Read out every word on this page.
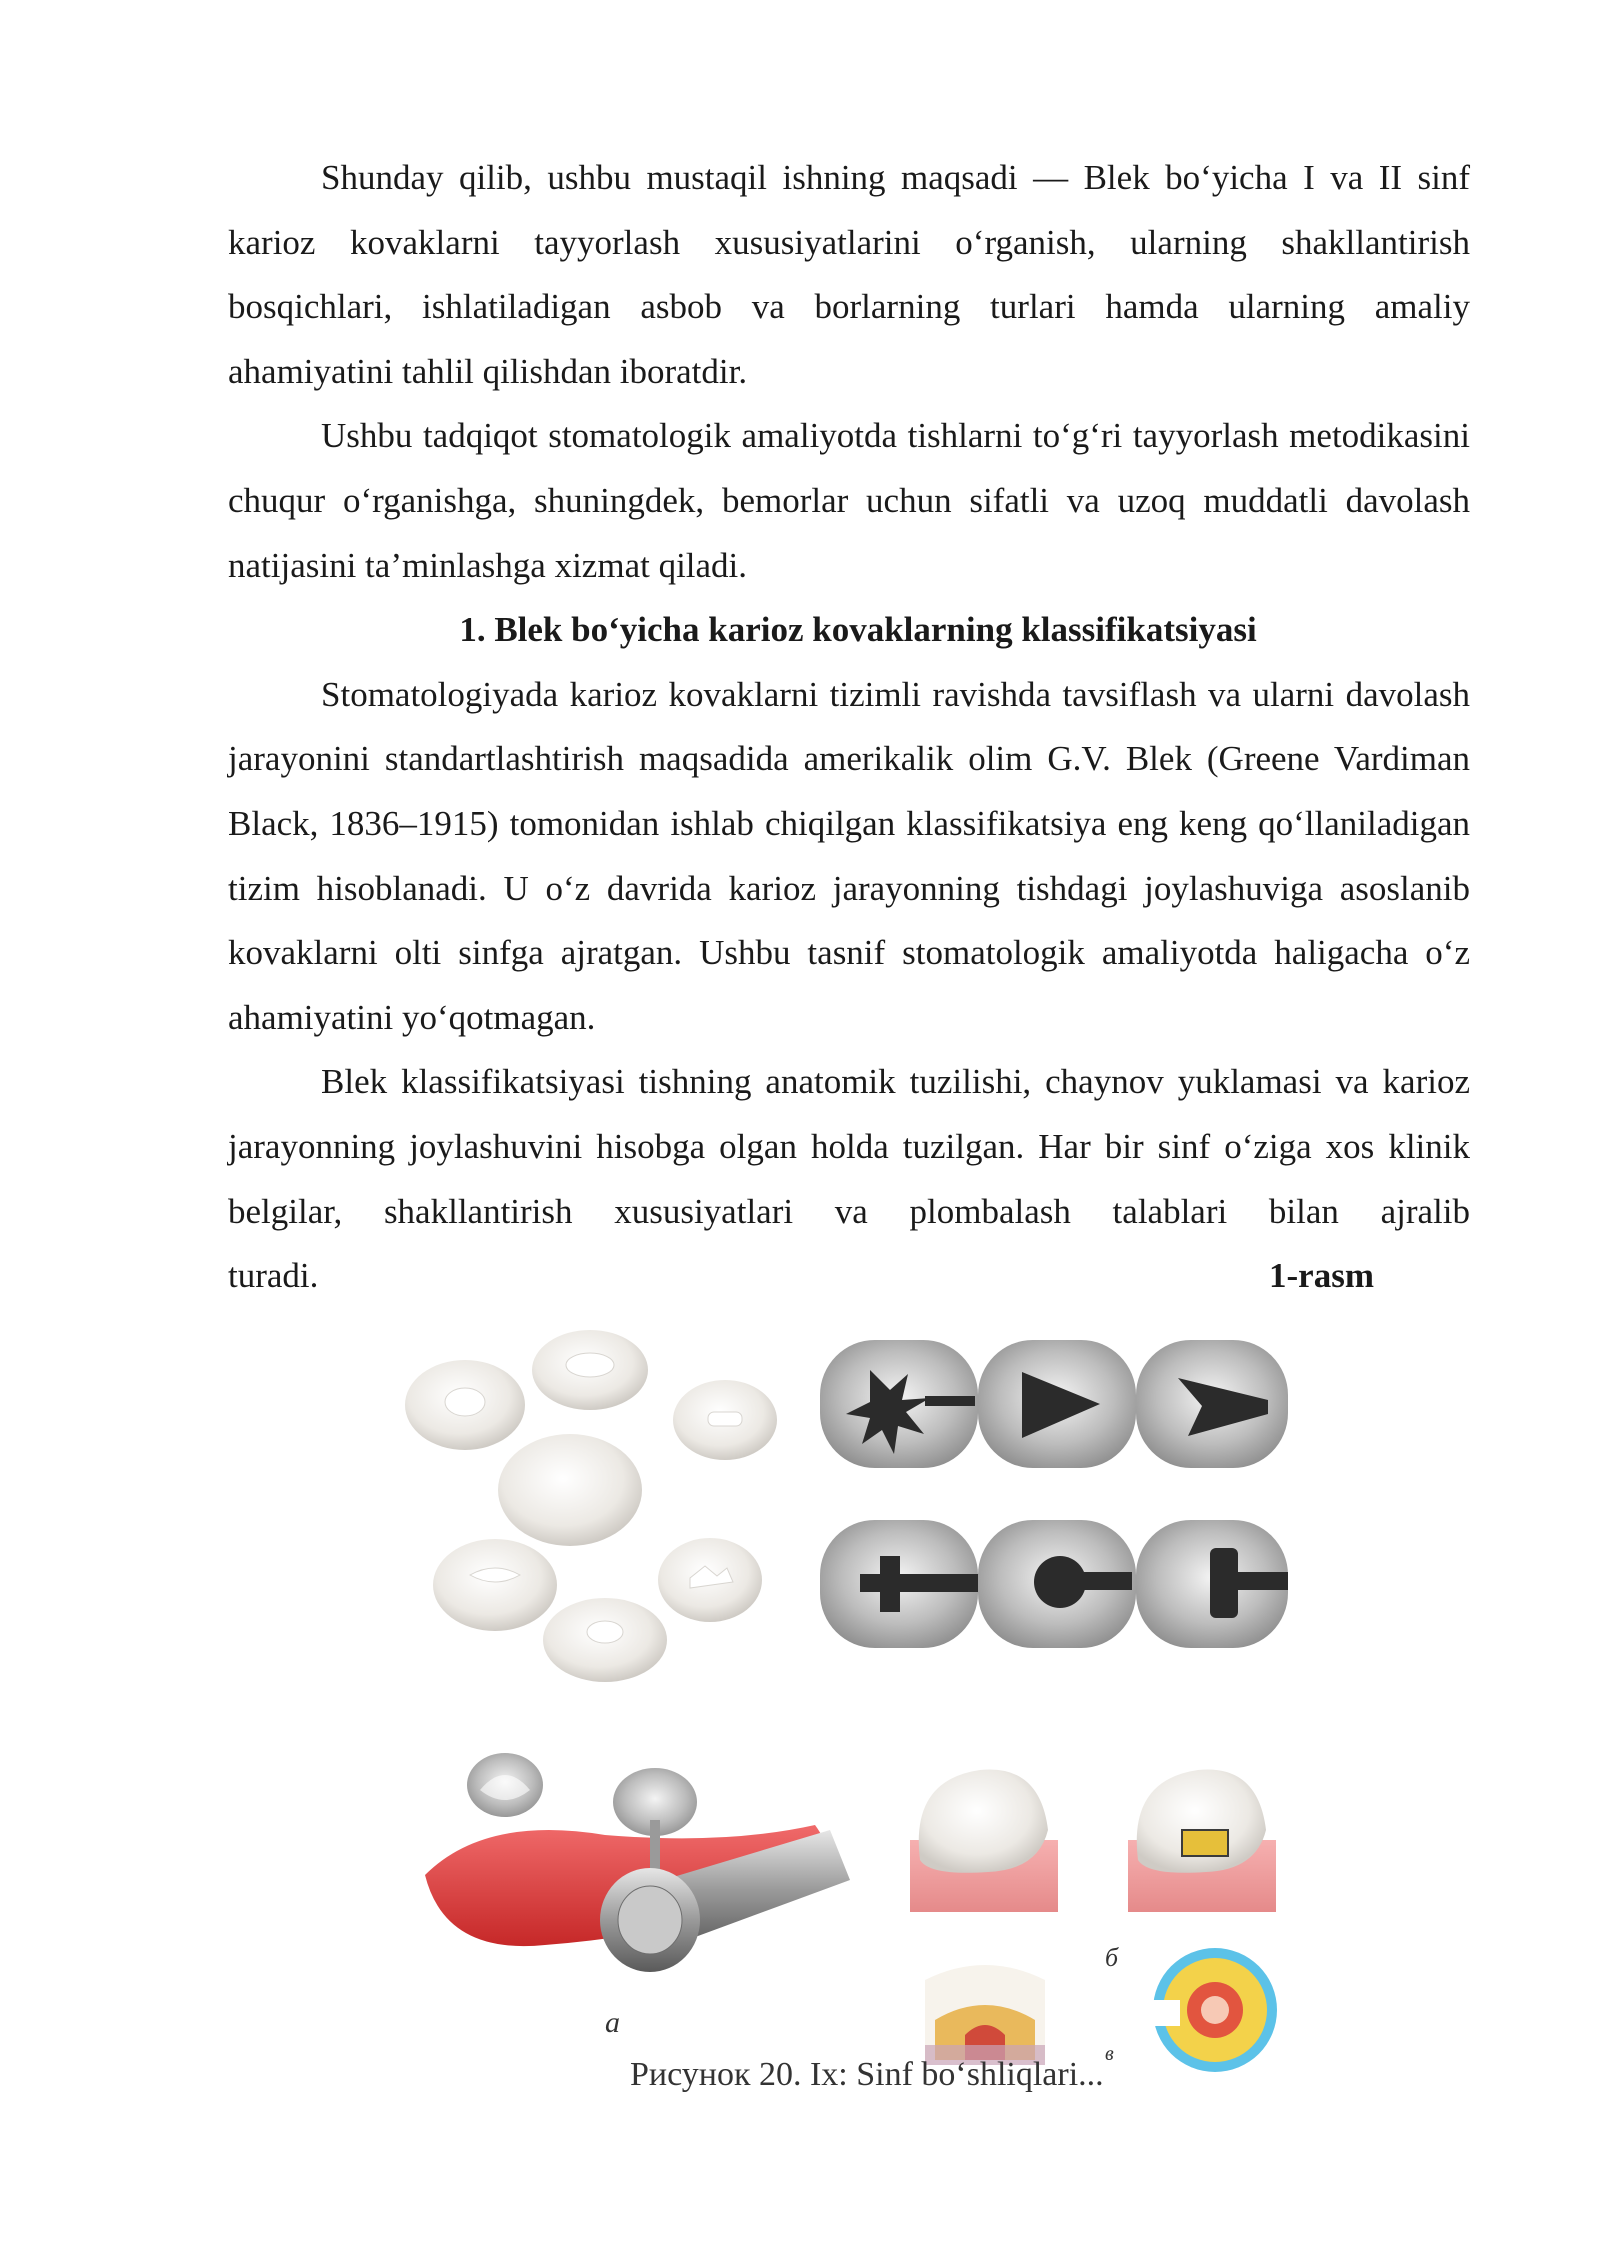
Shunday qilib, ushbu mustaqil ishning maqsadi — Blek bo‘yicha I va II sinf karioz kovaklarni tayyorlash xususiyatlarini o‘rganish, ularning shakllantirish bosqichlari, ishlatiladigan asbob va borlarning turlari hamda ularning amaliy ahamiyatini tahlil qilishdan iboratdir.

Ushbu tadqiqot stomatologik amaliyotda tishlarni to‘g‘ri tayyorlash metodikasini chuqur o‘rganishga, shuningdek, bemorlar uchun sifatli va uzoq muddatli davolash natijasini ta’minlashga xizmat qiladi.

1. Blek bo‘yicha karioz kovaklarning klassifikatsiyasi

Stomatologiyada karioz kovaklarni tizimli ravishda tavsiflash va ularni davolash jarayonini standartlashtirish maqsadida amerikalik olim G.V. Blek (Greene Vardiman Black, 1836–1915) tomonidan ishlab chiqilgan klassifikatsiya eng keng qo‘llaniladigan tizim hisoblanadi. U o‘z davrida karioz jarayonning tishdagi joylashuviga asoslanib kovaklarni olti sinfga ajratgan. Ushbu tasnif stomatologik amaliyotda haligacha o‘z ahamiyatini yo‘qotmagan.

Blek klassifikatsiyasi tishning anatomik tuzilishi, chaynov yuklamasi va karioz jarayonning joylashuvini hisobga olgan holda tuzilgan. Har bir sinf o‘ziga xos klinik belgilar, shakllantirish xususiyatlari va plombalash talablari bilan ajralib

turadi.	1-rasm
а
б
в
Рисунок 20. Ix: Sinf bo‘shliqlari...
